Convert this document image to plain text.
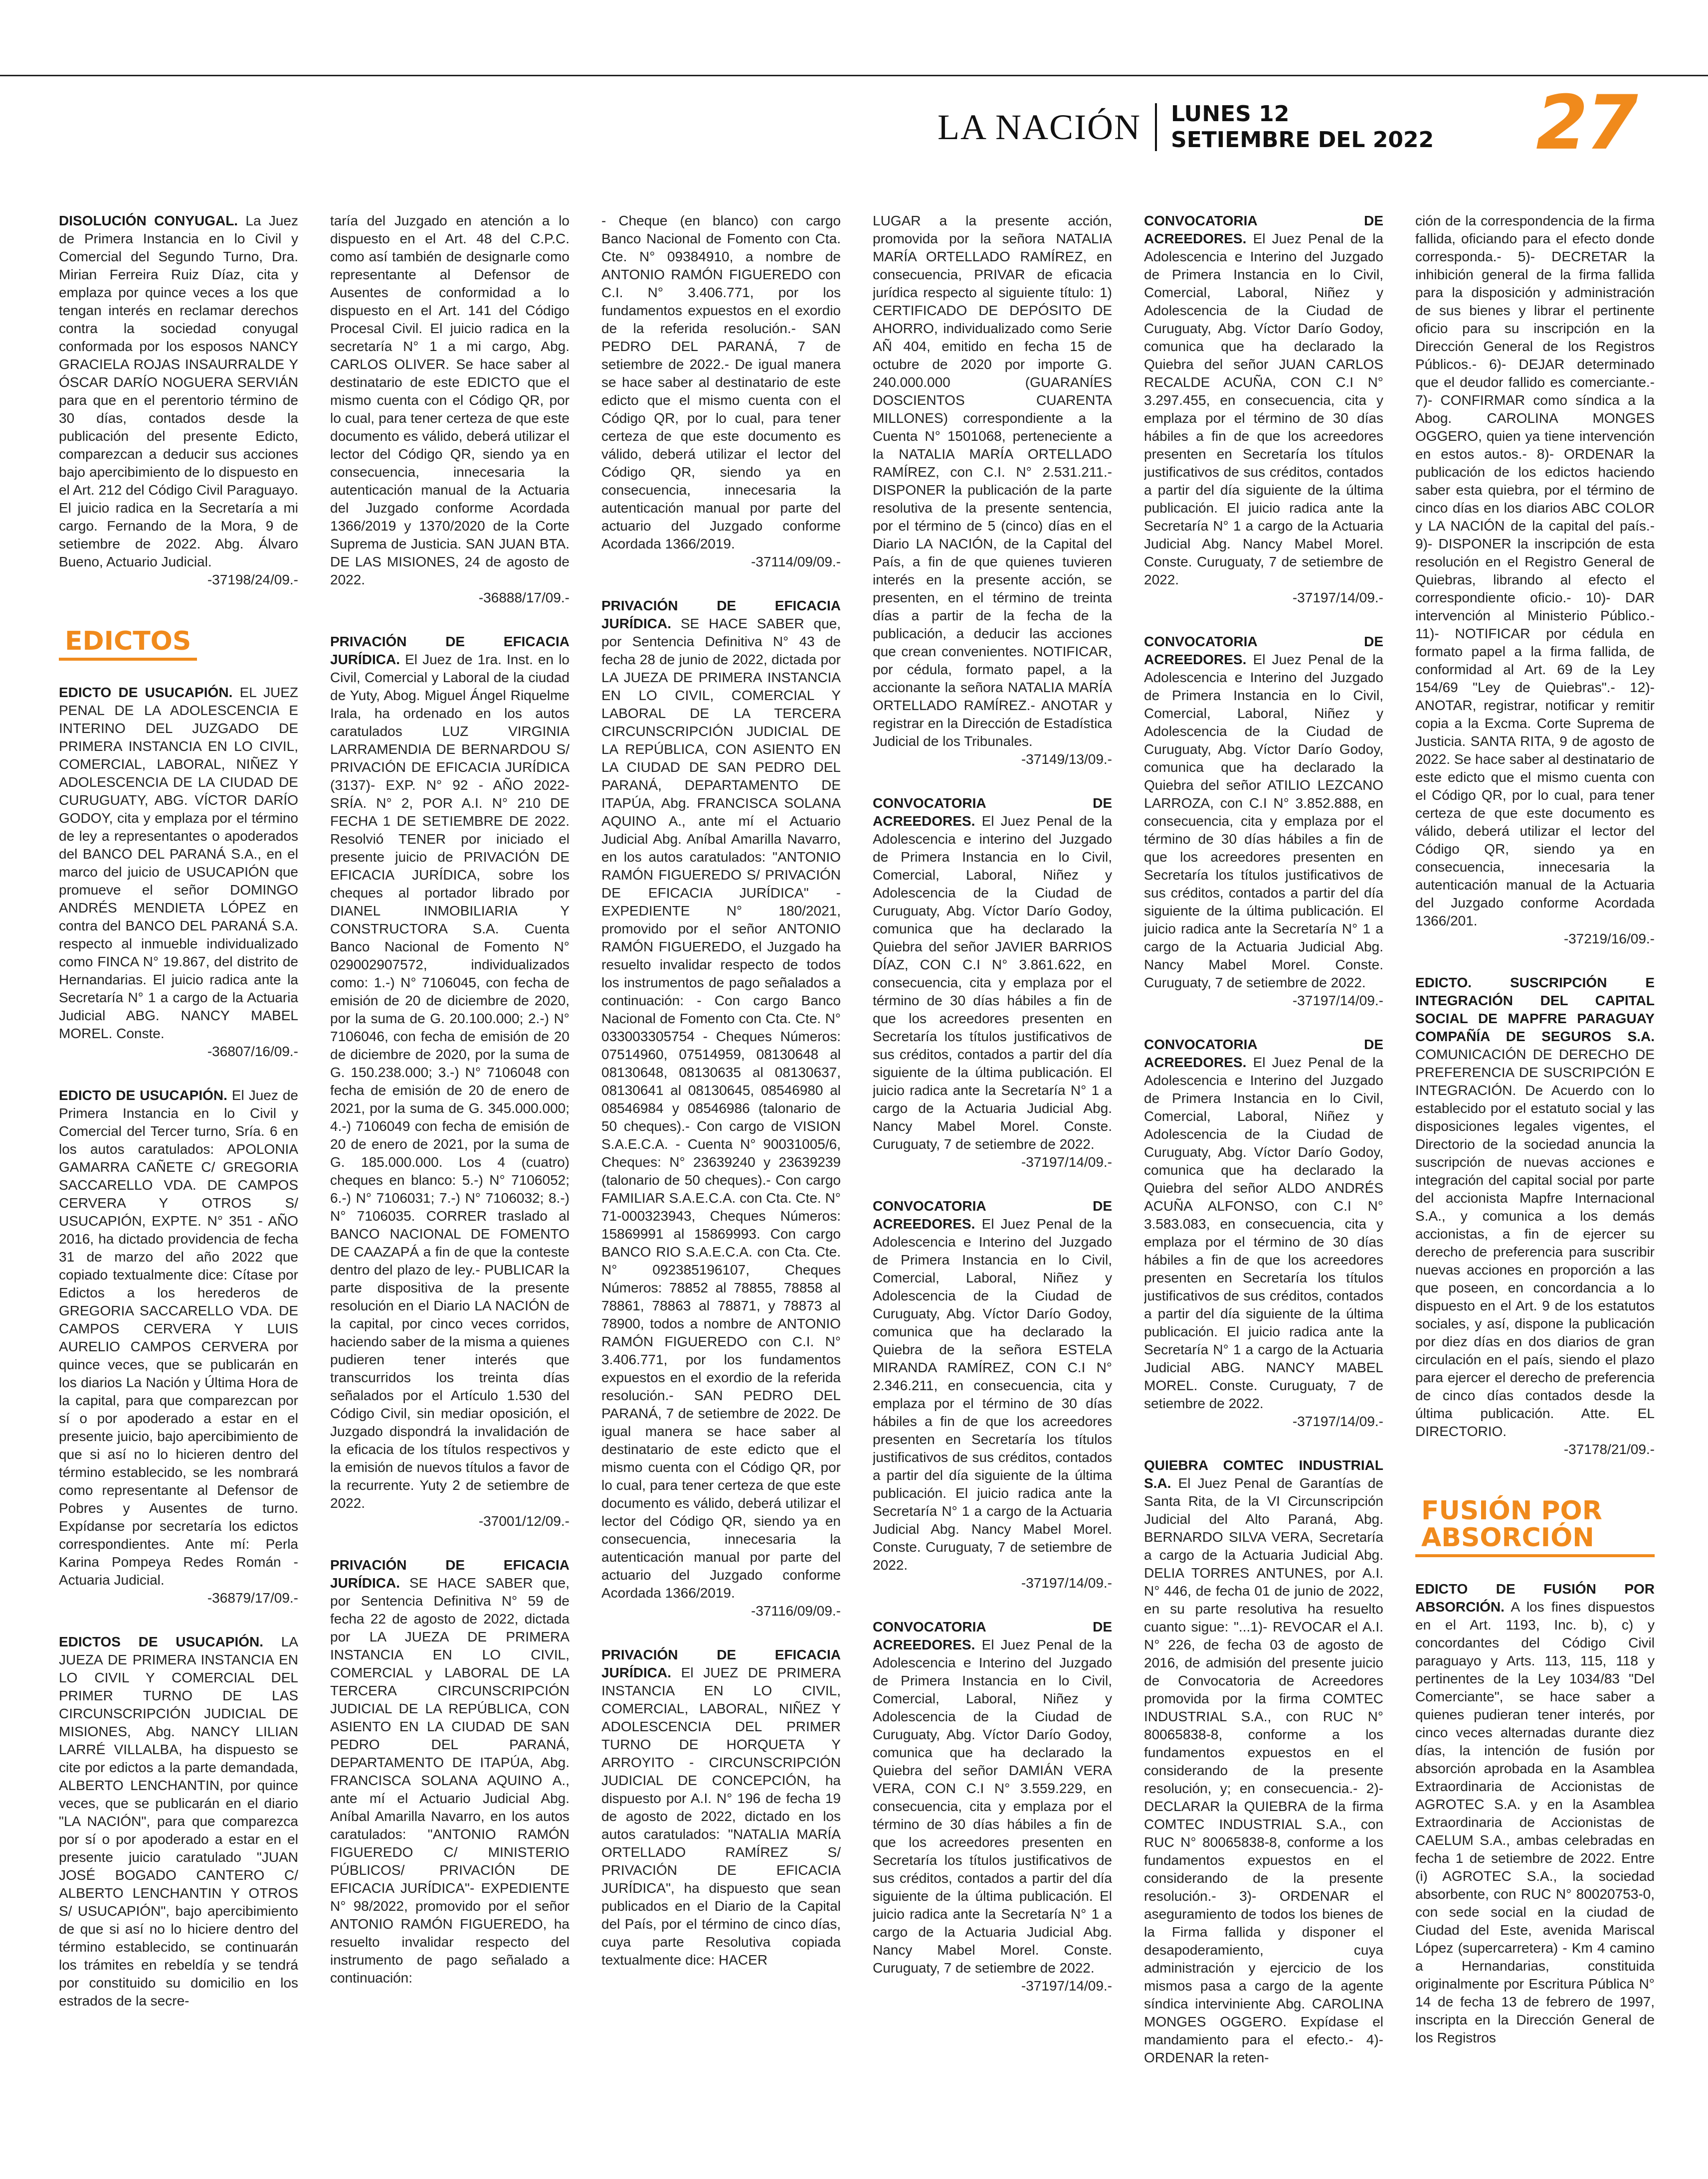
LA NACIÓN LUNES 12
SETIEMBRE DEL 2022 27

DISOLUCIÓN CONYUGAL. La Juez de Primera Instancia en lo Civil y Comercial del Segundo Turno, Dra. Mirian Ferreira Ruiz Díaz, cita y emplaza por quince veces a los que tengan interés en reclamar derechos contra la sociedad conyugal conformada por los esposos NANCY GRACIELA ROJAS INSAURRALDE Y ÓSCAR DARÍO NOGUERA SERVIÁN para que en el perentorio término de 30 días, contados desde la publicación del presente Edicto, comparezcan a deducir sus acciones bajo apercibimiento de lo dispuesto en el Art. 212 del Código Civil Paraguayo. El juicio radica en la Secretaría a mi cargo. Fernando de la Mora, 9 de setiembre de 2022. Abg. Álvaro Bueno, Actuario Judicial.
-37198/24/09.-

EDICTOS

EDICTO DE USUCAPIÓN. EL JUEZ PENAL DE LA ADOLESCENCIA E INTERINO DEL JUZGADO DE PRIMERA INSTANCIA EN LO CIVIL, COMERCIAL, LABORAL, NIÑEZ Y ADOLESCENCIA DE LA CIUDAD DE CURUGUATY, ABG. VÍCTOR DARÍO GODOY, cita y emplaza por el término de ley a representantes o apoderados del BANCO DEL PARANÁ S.A., en el marco del juicio de USUCAPIÓN que promueve el señor DOMINGO ANDRÉS MENDIETA LÓPEZ en contra del BANCO DEL PARANÁ S.A. respecto al inmueble individualizado como FINCA N° 19.867, del distrito de Hernandarias. El juicio radica ante la Secretaría N° 1 a cargo de la Actuaria Judicial ABG. NANCY MABEL MOREL. Conste.
-36807/16/09.-

EDICTO DE USUCAPIÓN. El Juez de Primera Instancia en lo Civil y Comercial del Tercer turno, Sría. 6 en los autos caratulados: APOLONIA GAMARRA CAÑETE C/ GREGORIA SACCARELLO VDA. DE CAMPOS CERVERA Y OTROS S/ USUCAPIÓN, EXPTE. N° 351 - AÑO 2016, ha dictado providencia de fecha 31 de marzo del año 2022 que copiado textualmente dice: Cítase por Edictos a los herederos de GREGORIA SACCARELLO VDA. DE CAMPOS CERVERA Y LUIS AURELIO CAMPOS CERVERA por quince veces, que se publicarán en los diarios La Nación y Última Hora de la capital, para que comparezcan por sí o por apoderado a estar en el presente juicio, bajo apercibimiento de que si así no lo hicieren dentro del término establecido, se les nombrará como representante al Defensor de Pobres y Ausentes de turno. Expídanse por secretaría los edictos correspondientes. Ante mí: Perla Karina Pompeya Redes Román - Actuaria Judicial.
-36879/17/09.-

EDICTOS DE USUCAPIÓN. LA JUEZA DE PRIMERA INSTANCIA EN LO CIVIL Y COMERCIAL DEL PRIMER TURNO DE LAS CIRCUNSCRIPCIÓN JUDICIAL DE MISIONES, Abg. NANCY LILIAN LARRÉ VILLALBA, ha dispuesto se cite por edictos a la parte demandada, ALBERTO LENCHANTIN, por quince veces, que se publicarán en el diario "LA NACIÓN", para que comparezca por sí o por apoderado a estar en el presente juicio caratulado "JUAN JOSÉ BOGADO CANTERO C/ ALBERTO LENCHANTIN Y OTROS S/ USUCAPIÓN", bajo apercibimiento de que si así no lo hiciere dentro del término establecido, se continuarán los trámites en rebeldía y se tendrá por constituido su domicilio en los estrados de la secre-

taría del Juzgado en atención a lo dispuesto en el Art. 48 del C.P.C. como así también de designarle como representante al Defensor de Ausentes de conformidad a lo dispuesto en el Art. 141 del Código Procesal Civil. El juicio radica en la secretaría N° 1 a mi cargo, Abg. CARLOS OLIVER. Se hace saber al destinatario de este EDICTO que el mismo cuenta con el Código QR, por lo cual, para tener certeza de que este documento es válido, deberá utilizar el lector del Código QR, siendo ya en consecuencia, innecesaria la autenticación manual de la Actuaria del Juzgado conforme Acordada 1366/2019 y 1370/2020 de la Corte Suprema de Justicia. SAN JUAN BTA. DE LAS MISIONES, 24 de agosto de 2022.
-36888/17/09.-

PRIVACIÓN DE EFICACIA JURÍDICA. El Juez de 1ra. Inst. en lo Civil, Comercial y Laboral de la ciudad de Yuty, Abog. Miguel Ángel Riquelme Irala, ha ordenado en los autos caratulados LUZ VIRGINIA LARRAMENDIA DE BERNARDOU S/ PRIVACIÓN DE EFICACIA JURÍDICA (3137)- EXP. N° 92 - AÑO 2022- SRÍA. N° 2, POR A.I. N° 210 DE FECHA 1 DE SETIEMBRE DE 2022. Resolvió TENER por iniciado el presente juicio de PRIVACIÓN DE EFICACIA JURÍDICA, sobre los cheques al portador librado por DIANEL INMOBILIARIA Y CONSTRUCTORA S.A. Cuenta Banco Nacional de Fomento N° 029002907572, individualizados como: 1.-) N° 7106045, con fecha de emisión de 20 de diciembre de 2020, por la suma de G. 20.100.000; 2.-) N° 7106046, con fecha de emisión de 20 de diciembre de 2020, por la suma de G. 150.238.000; 3.-) N° 7106048 con fecha de emisión de 20 de enero de 2021, por la suma de G. 345.000.000; 4.-) 7106049 con fecha de emisión de 20 de enero de 2021, por la suma de G. 185.000.000. Los 4 (cuatro) cheques en blanco: 5.-) N° 7106052; 6.-) N° 7106031; 7.-) N° 7106032; 8.-) N° 7106035. CORRER traslado al BANCO NACIONAL DE FOMENTO DE CAAZAPÁ a fin de que la conteste dentro del plazo de ley.- PUBLICAR la parte dispositiva de la presente resolución en el Diario LA NACIÓN de la capital, por cinco veces corridos, haciendo saber de la misma a quienes pudieren tener interés que transcurridos los treinta días señalados por el Artículo 1.530 del Código Civil, sin mediar oposición, el Juzgado dispondrá la invalidación de la eficacia de los títulos respectivos y la emisión de nuevos títulos a favor de la recurrente. Yuty 2 de setiembre de 2022.
-37001/12/09.-

PRIVACIÓN DE EFICACIA JURÍDICA. SE HACE SABER que, por Sentencia Definitiva N° 59 de fecha 22 de agosto de 2022, dictada por LA JUEZA DE PRIMERA INSTANCIA EN LO CIVIL, COMERCIAL y LABORAL DE LA TERCERA CIRCUNSCRIPCIÓN JUDICIAL DE LA REPÚBLICA, CON ASIENTO EN LA CIUDAD DE SAN PEDRO DEL PARANÁ, DEPARTAMENTO DE ITAPÚA, Abg. FRANCISCA SOLANA AQUINO A., ante mí el Actuario Judicial Abg. Aníbal Amarilla Navarro, en los autos caratulados: "ANTONIO RAMÓN FIGUEREDO C/ MINISTERIO PÚBLICOS/ PRIVACIÓN DE EFICACIA JURÍDICA"- EXPEDIENTE N° 98/2022, promovido por el señor ANTONIO RAMÓN FIGUEREDO, ha resuelto invalidar respecto del instrumento de pago señalado a continuación:

- Cheque (en blanco) con cargo Banco Nacional de Fomento con Cta. Cte. N° 09384910, a nombre de ANTONIO RAMÓN FIGUEREDO con C.I. N° 3.406.771, por los fundamentos expuestos en el exordio de la referida resolución.- SAN PEDRO DEL PARANÁ, 7 de setiembre de 2022.- De igual manera se hace saber al destinatario de este edicto que el mismo cuenta con el Código QR, por lo cual, para tener certeza de que este documento es válido, deberá utilizar el lector del Código QR, siendo ya en consecuencia, innecesaria la autenticación manual por parte del actuario del Juzgado conforme Acordada 1366/2019.
-37114/09/09.-

PRIVACIÓN DE EFICACIA JURÍDICA. SE HACE SABER que, por Sentencia Definitiva N° 43 de fecha 28 de junio de 2022, dictada por LA JUEZA DE PRIMERA INSTANCIA EN LO CIVIL, COMERCIAL Y LABORAL DE LA TERCERA CIRCUNSCRIPCIÓN JUDICIAL DE LA REPÚBLICA, CON ASIENTO EN LA CIUDAD DE SAN PEDRO DEL PARANÁ, DEPARTAMENTO DE ITAPÚA, Abg. FRANCISCA SOLANA AQUINO A., ante mí el Actuario Judicial Abg. Aníbal Amarilla Navarro, en los autos caratulados: "ANTONIO RAMÓN FIGUEREDO S/ PRIVACIÓN DE EFICACIA JURÍDICA" - EXPEDIENTE N° 180/2021, promovido por el señor ANTONIO RAMÓN FIGUEREDO, el Juzgado ha resuelto invalidar respecto de todos los instrumentos de pago señalados a continuación: - Con cargo Banco Nacional de Fomento con Cta. Cte. N° 033003305754 - Cheques Números: 07514960, 07514959, 08130648 al 08130648, 08130635 al 08130637, 08130641 al 08130645, 08546980 al 08546984 y 08546986 (talonario de 50 cheques).- Con cargo de VISION S.A.E.C.A. - Cuenta N° 90031005/6, Cheques: N° 23639240 y 23639239 (talonario de 50 cheques).- Con cargo FAMILIAR S.A.E.C.A. con Cta. Cte. N° 71-000323943, Cheques Números: 15869991 al 15869993. Con cargo BANCO RIO S.A.E.C.A. con Cta. Cte. N° 092385196107, Cheques Números: 78852 al 78855, 78858 al 78861, 78863 al 78871, y 78873 al 78900, todos a nombre de ANTONIO RAMÓN FIGUEREDO con C.I. N° 3.406.771, por los fundamentos expuestos en el exordio de la referida resolución.- SAN PEDRO DEL PARANÁ, 7 de setiembre de 2022. De igual manera se hace saber al destinatario de este edicto que el mismo cuenta con el Código QR, por lo cual, para tener certeza de que este documento es válido, deberá utilizar el lector del Código QR, siendo ya en consecuencia, innecesaria la autenticación manual por parte del actuario del Juzgado conforme Acordada 1366/2019.
-37116/09/09.-

PRIVACIÓN DE EFICACIA JURÍDICA. El JUEZ DE PRIMERA INSTANCIA EN LO CIVIL, COMERCIAL, LABORAL, NIÑEZ Y ADOLESCENCIA DEL PRIMER TURNO DE HORQUETA Y ARROYITO - CIRCUNSCRIPCIÓN JUDICIAL DE CONCEPCIÓN, ha dispuesto por A.I. N° 196 de fecha 19 de agosto de 2022, dictado en los autos caratulados: "NATALIA MARÍA ORTELLADO RAMÍREZ S/ PRIVACIÓN DE EFICACIA JURÍDICA", ha dispuesto que sean publicados en el Diario de la Capital del País, por el término de cinco días, cuya parte Resolutiva copiada textualmente dice: HACER

LUGAR a la presente acción, promovida por la señora NATALIA MARÍA ORTELLADO RAMÍREZ, en consecuencia, PRIVAR de eficacia jurídica respecto al siguiente título: 1) CERTIFICADO DE DEPÓSITO DE AHORRO, individualizado como Serie AÑ 404, emitido en fecha 15 de octubre de 2020 por importe G. 240.000.000 (GUARANÍES DOSCIENTOS CUARENTA MILLONES) correspondiente a la Cuenta N° 1501068, perteneciente a la NATALIA MARÍA ORTELLADO RAMÍREZ, con C.I. N° 2.531.211.- DISPONER la publicación de la parte resolutiva de la presente sentencia, por el término de 5 (cinco) días en el Diario LA NACIÓN, de la Capital del País, a fin de que quienes tuvieren interés en la presente acción, se presenten, en el término de treinta días a partir de la fecha de la publicación, a deducir las acciones que crean convenientes. NOTIFICAR, por cédula, formato papel, a la accionante la señora NATALIA MARÍA ORTELLADO RAMÍREZ.- ANOTAR y registrar en la Dirección de Estadística Judicial de los Tribunales.
-37149/13/09.-

CONVOCATORIA DE ACREEDORES. El Juez Penal de la Adolescencia e interino del Juzgado de Primera Instancia en lo Civil, Comercial, Laboral, Niñez y Adolescencia de la Ciudad de Curuguaty, Abg. Víctor Darío Godoy, comunica que ha declarado la Quiebra del señor JAVIER BARRIOS DÍAZ, CON C.I N° 3.861.622, en consecuencia, cita y emplaza por el término de 30 días hábiles a fin de que los acreedores presenten en Secretaría los títulos justificativos de sus créditos, contados a partir del día siguiente de la última publicación. El juicio radica ante la Secretaría N° 1 a cargo de la Actuaria Judicial Abg. Nancy Mabel Morel. Conste. Curuguaty, 7 de setiembre de 2022.
-37197/14/09.-

CONVOCATORIA DE ACREEDORES. El Juez Penal de la Adolescencia e Interino del Juzgado de Primera Instancia en lo Civil, Comercial, Laboral, Niñez y Adolescencia de la Ciudad de Curuguaty, Abg. Víctor Darío Godoy, comunica que ha declarado la Quiebra de la señora ESTELA MIRANDA RAMÍREZ, CON C.I N° 2.346.211, en consecuencia, cita y emplaza por el término de 30 días hábiles a fin de que los acreedores presenten en Secretaría los títulos justificativos de sus créditos, contados a partir del día siguiente de la última publicación. El juicio radica ante la Secretaría N° 1 a cargo de la Actuaria Judicial Abg. Nancy Mabel Morel. Conste. Curuguaty, 7 de setiembre de 2022.
-37197/14/09.-

CONVOCATORIA DE ACREEDORES. El Juez Penal de la Adolescencia e Interino del Juzgado de Primera Instancia en lo Civil, Comercial, Laboral, Niñez y Adolescencia de la Ciudad de Curuguaty, Abg. Víctor Darío Godoy, comunica que ha declarado la Quiebra del señor DAMIÁN VERA VERA, CON C.I N° 3.559.229, en consecuencia, cita y emplaza por el término de 30 días hábiles a fin de que los acreedores presenten en Secretaría los títulos justificativos de sus créditos, contados a partir del día siguiente de la última publicación. El juicio radica ante la Secretaría N° 1 a cargo de la Actuaria Judicial Abg. Nancy Mabel Morel. Conste. Curuguaty, 7 de setiembre de 2022.
-37197/14/09.-

CONVOCATORIA DE ACREEDORES. El Juez Penal de la Adolescencia e Interino del Juzgado de Primera Instancia en lo Civil, Comercial, Laboral, Niñez y Adolescencia de la Ciudad de Curuguaty, Abg. Víctor Darío Godoy, comunica que ha declarado la Quiebra del señor JUAN CARLOS RECALDE ACUÑA, CON C.I N° 3.297.455, en consecuencia, cita y emplaza por el término de 30 días hábiles a fin de que los acreedores presenten en Secretaría los títulos justificativos de sus créditos, contados a partir del día siguiente de la última publicación. El juicio radica ante la Secretaría N° 1 a cargo de la Actuaria Judicial Abg. Nancy Mabel Morel. Conste. Curuguaty, 7 de setiembre de 2022.
-37197/14/09.-

CONVOCATORIA DE ACREEDORES. El Juez Penal de la Adolescencia e Interino del Juzgado de Primera Instancia en lo Civil, Comercial, Laboral, Niñez y Adolescencia de la Ciudad de Curuguaty, Abg. Víctor Darío Godoy, comunica que ha declarado la Quiebra del señor ATILIO LEZCANO LARROZA, con C.I N° 3.852.888, en consecuencia, cita y emplaza por el término de 30 días hábiles a fin de que los acreedores presenten en Secretaría los títulos justificativos de sus créditos, contados a partir del día siguiente de la última publicación. El juicio radica ante la Secretaría N° 1 a cargo de la Actuaria Judicial Abg. Nancy Mabel Morel. Conste. Curuguaty, 7 de setiembre de 2022.
-37197/14/09.-

CONVOCATORIA DE ACREEDORES. El Juez Penal de la Adolescencia e Interino del Juzgado de Primera Instancia en lo Civil, Comercial, Laboral, Niñez y Adolescencia de la Ciudad de Curuguaty, Abg. Víctor Darío Godoy, comunica que ha declarado la Quiebra del señor ALDO ANDRÉS ACUÑA ALFONSO, con C.I N° 3.583.083, en consecuencia, cita y emplaza por el término de 30 días hábiles a fin de que los acreedores presenten en Secretaría los títulos justificativos de sus créditos, contados a partir del día siguiente de la última publicación. El juicio radica ante la Secretaría N° 1 a cargo de la Actuaria Judicial ABG. NANCY MABEL MOREL. Conste. Curuguaty, 7 de setiembre de 2022.
-37197/14/09.-

QUIEBRA COMTEC INDUSTRIAL S.A. El Juez Penal de Garantías de Santa Rita, de la VI Circunscripción Judicial del Alto Paraná, Abg. BERNARDO SILVA VERA, Secretaría a cargo de la Actuaria Judicial Abg. DELIA TORRES ANTUNES, por A.I. N° 446, de fecha 01 de junio de 2022, en su parte resolutiva ha resuelto cuanto sigue: "...1)- REVOCAR el A.I. N° 226, de fecha 03 de agosto de 2016, de admisión del presente juicio de Convocatoria de Acreedores promovida por la firma COMTEC INDUSTRIAL S.A., con RUC N° 80065838-8, conforme a los fundamentos expuestos en el considerando de la presente resolución, y; en consecuencia.- 2)- DECLARAR la QUIEBRA de la firma COMTEC INDUSTRIAL S.A., con RUC N° 80065838-8, conforme a los fundamentos expuestos en el considerando de la presente resolución.- 3)- ORDENAR el aseguramiento de todos los bienes de la Firma fallida y disponer el desapoderamiento, cuya administración y ejercicio de los mismos pasa a cargo de la agente síndica interviniente Abg. CAROLINA MONGES OGGERO. Expídase el mandamiento para el efecto.- 4)- ORDENAR la reten-

ción de la correspondencia de la firma fallida, oficiando para el efecto donde corresponda.- 5)- DECRETAR la inhibición general de la firma fallida para la disposición y administración de sus bienes y librar el pertinente oficio para su inscripción en la Dirección General de los Registros Públicos.- 6)- DEJAR determinado que el deudor fallido es comerciante.- 7)- CONFIRMAR como síndica a la Abog. CAROLINA MONGES OGGERO, quien ya tiene intervención en estos autos.- 8)- ORDENAR la publicación de los edictos haciendo saber esta quiebra, por el término de cinco días en los diarios ABC COLOR y LA NACIÓN de la capital del país.- 9)- DISPONER la inscripción de esta resolución en el Registro General de Quiebras, librando al efecto el correspondiente oficio.- 10)- DAR intervención al Ministerio Público.- 11)- NOTIFICAR por cédula en formato papel a la firma fallida, de conformidad al Art. 69 de la Ley 154/69 "Ley de Quiebras".- 12)- ANOTAR, registrar, notificar y remitir copia a la Excma. Corte Suprema de Justicia. SANTA RITA, 9 de agosto de 2022. Se hace saber al destinatario de este edicto que el mismo cuenta con el Código QR, por lo cual, para tener certeza de que este documento es válido, deberá utilizar el lector del Código QR, siendo ya en consecuencia, innecesaria la autenticación manual de la Actuaria del Juzgado conforme Acordada 1366/201.
-37219/16/09.-

EDICTO. SUSCRIPCIÓN E INTEGRACIÓN DEL CAPITAL SOCIAL DE MAPFRE PARAGUAY COMPAÑÍA DE SEGUROS S.A. COMUNICACIÓN DE DERECHO DE PREFERENCIA DE SUSCRIPCIÓN E INTEGRACIÓN. De Acuerdo con lo establecido por el estatuto social y las disposiciones legales vigentes, el Directorio de la sociedad anuncia la suscripción de nuevas acciones e integración del capital social por parte del accionista Mapfre Internacional S.A., y comunica a los demás accionistas, a fin de ejercer su derecho de preferencia para suscribir nuevas acciones en proporción a las que poseen, en concordancia a lo dispuesto en el Art. 9 de los estatutos sociales, y así, dispone la publicación por diez días en dos diarios de gran circulación en el país, siendo el plazo para ejercer el derecho de preferencia de cinco días contados desde la última publicación. Atte. EL DIRECTORIO.
-37178/21/09.-

FUSIÓN POR ABSORCIÓN

EDICTO DE FUSIÓN POR ABSORCIÓN. A los fines dispuestos en el Art. 1193, Inc. b), c) y concordantes del Código Civil paraguayo y Arts. 113, 115, 118 y pertinentes de la Ley 1034/83 "Del Comerciante", se hace saber a quienes pudieran tener interés, por cinco veces alternadas durante diez días, la intención de fusión por absorción aprobada en la Asamblea Extraordinaria de Accionistas de AGROTEC S.A. y en la Asamblea Extraordinaria de Accionistas de CAELUM S.A., ambas celebradas en fecha 1 de setiembre de 2022. Entre (i) AGROTEC S.A., la sociedad absorbente, con RUC N° 80020753-0, con sede social en la ciudad de Ciudad del Este, avenida Mariscal López (supercarretera) - Km 4 camino a Hernandarias, constituida originalmente por Escritura Pública N° 14 de fecha 13 de febrero de 1997, inscripta en la Dirección General de los Registros
